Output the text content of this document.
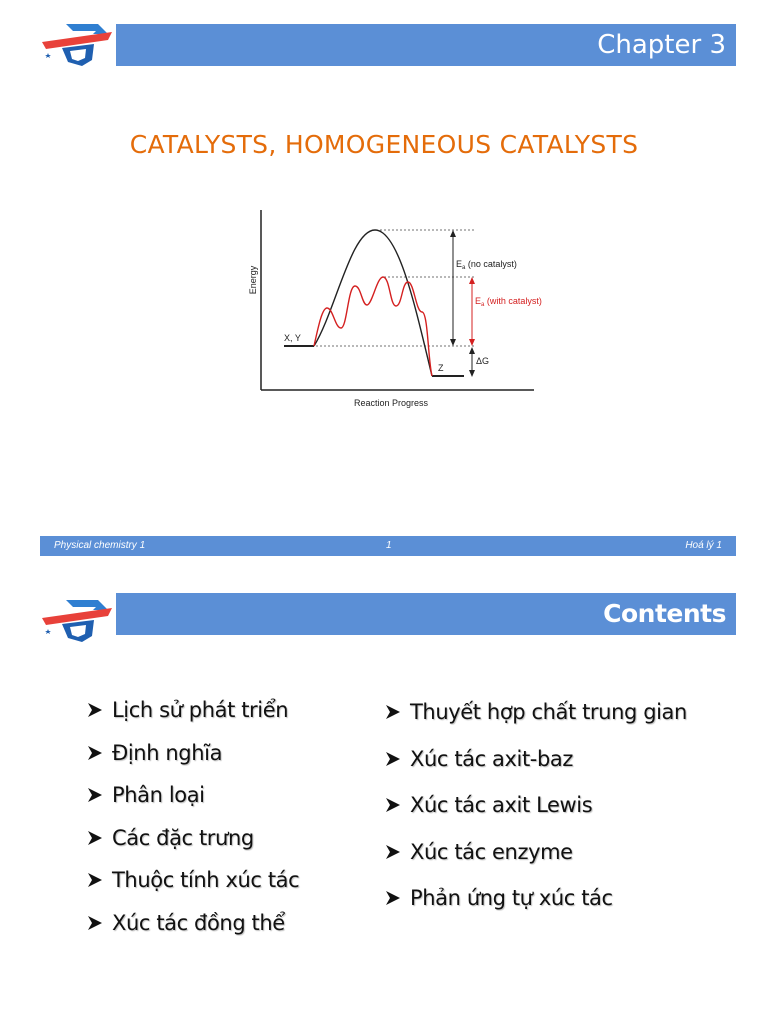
Chapter 3
CATALYSTS, HOMOGENEOUS CATALYSTS
Energy
Reaction Progress
X, Y
Z
$E_a$ (no catalyst)
$E_a$ (with catalyst)
ΔG
Physical chemistry 1	1	Hoá lý 1
Contents
Lịch sử phát triển
Định nghĩa
Phân loại
Các đặc trưng
Thuộc tính xúc tác
Xúc tác đồng thể
Thuyết hợp chất trung gian
Xúc tác axit-baz
Xúc tác axit Lewis
Xúc tác enzyme
Phản ứng tự xúc tác
